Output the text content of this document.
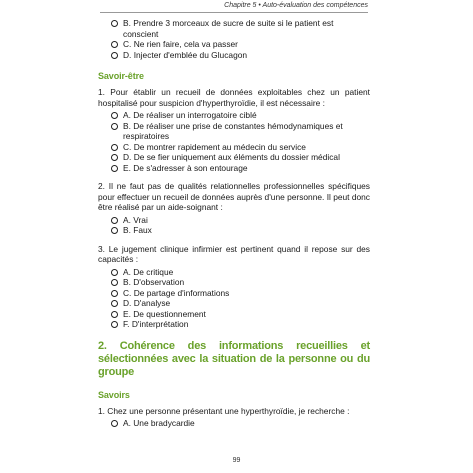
Chapitre 5 • Auto-évaluation des compétences
B. Prendre 3 morceaux de sucre de suite si le patient est conscient
C. Ne rien faire, cela va passer
D. Injecter d'emblée du Glucagon
Savoir-être
1. Pour établir un recueil de données exploitables chez un patient hospitalisé pour suspicion d'hyperthyroïdie, il est nécessaire :
A. De réaliser un interrogatoire ciblé
B. De réaliser une prise de constantes hémodynamiques et respiratoires
C. De montrer rapidement au médecin du service
D. De se fier uniquement aux éléments du dossier médical
E. De s'adresser à son entourage
2. Il ne faut pas de qualités relationnelles professionnelles spécifiques pour effectuer un recueil de données auprès d'une personne. Il peut donc être réalisé par un aide-soignant :
A. Vrai
B. Faux
3. Le jugement clinique infirmier est pertinent quand il repose sur des capacités :
A. De critique
B. D'observation
C. De partage d'informations
D. D'analyse
E. De questionnement
F. D'interprétation
2. Cohérence des informations recueillies et sélectionnées avec la situation de la personne ou du groupe
Savoirs
1. Chez une personne présentant une hyperthyroïdie, je recherche :
A. Une bradycardie
99
